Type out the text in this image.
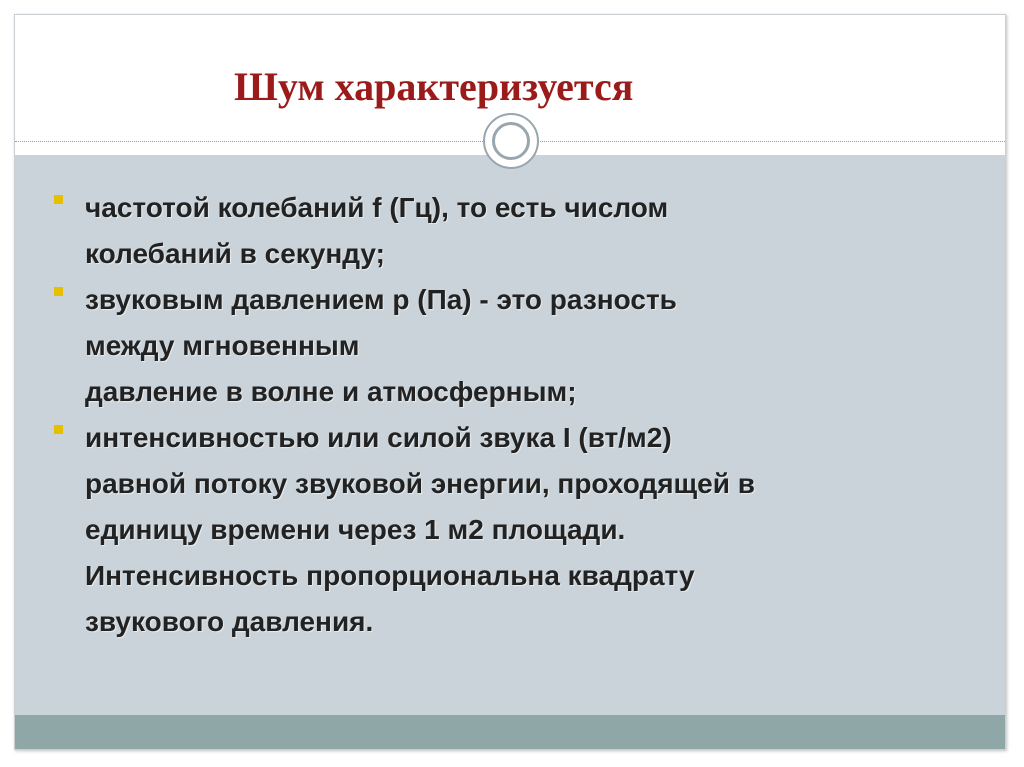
Шум характеризуется
частотой колебаний f (Гц), то есть числом
колебаний в секунду;
звуковым давлением р (Па) - это разность
между мгновенным
давление в волне и атмосферным;
интенсивностью или силой звука I (вт/м2)
равной потоку звуковой энергии, проходящей в
единицу времени через 1 м2 площади.
Интенсивность пропорциональна квадрату
звукового давления.
